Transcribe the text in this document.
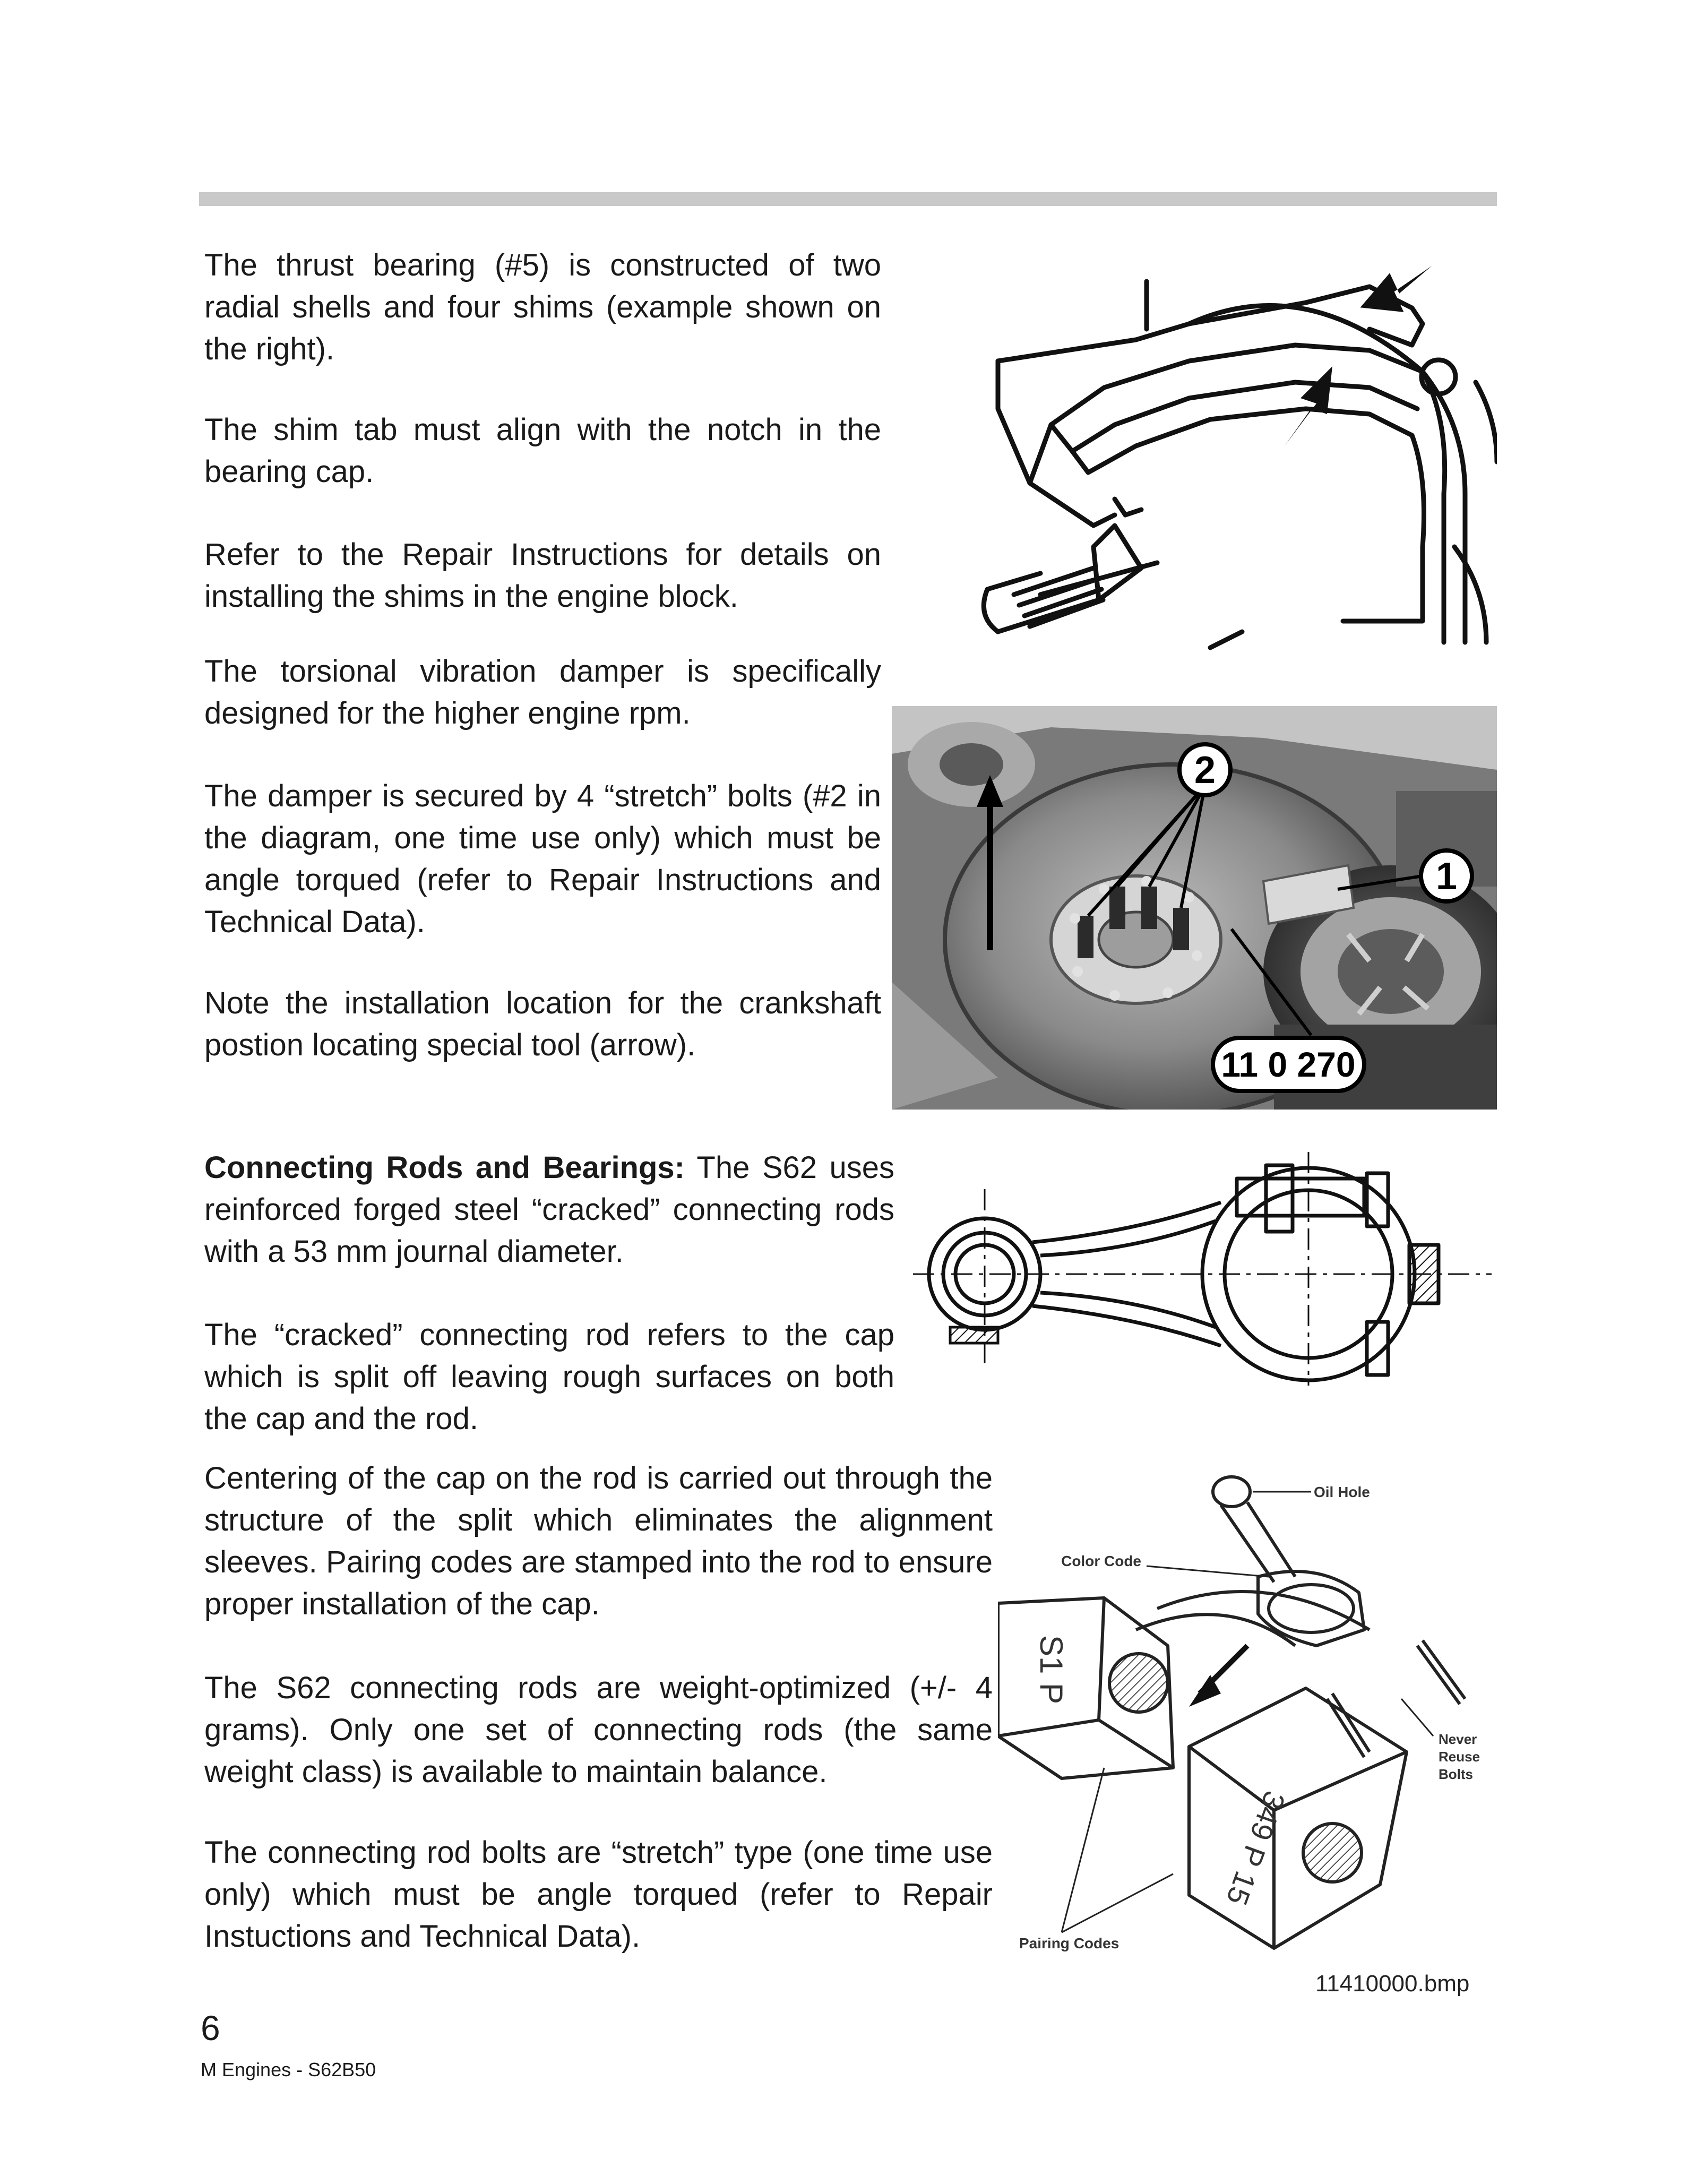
The thrust bearing (#5) is constructed of two radial shells and four shims (example shown on the right).

The shim tab must align with the notch in the bearing cap.

Refer to the Repair Instructions for details on installing the shims in the engine block.

The torsional vibration damper is specifically designed for the higher engine rpm.

The damper is secured by 4 “stretch” bolts (#2 in the diagram, one time use only) which must be angle torqued (refer to Repair Instructions and Technical Data).

Note the installation location for the crankshaft postion locating special tool (arrow).

Connecting Rods and Bearings: The S62 uses reinforced forged steel “cracked” connecting rods with a 53 mm journal diameter.

The “cracked” connecting rod refers to the cap which is split off leaving rough surfaces on both the cap and the rod.

Centering of the cap on the rod is carried out through the structure of the split which eliminates the alignment sleeves. Pairing codes are stamped into the rod to ensure proper installation of the cap.

The S62 connecting rods are weight-optimized (+/- 4 grams). Only one set of connecting rods (the same weight class) is available to maintain balance.

The connecting rod bolts are “stretch” type (one time use only) which must be angle torqued (refer to Repair Instuctions and Technical Data).

2
1
11 0 270
Oil Hole
Color Code
Never
Reuse
Bolts
Pairing Codes
S1 P
349 P 15
11410000.bmp
6
M Engines - S62B50
